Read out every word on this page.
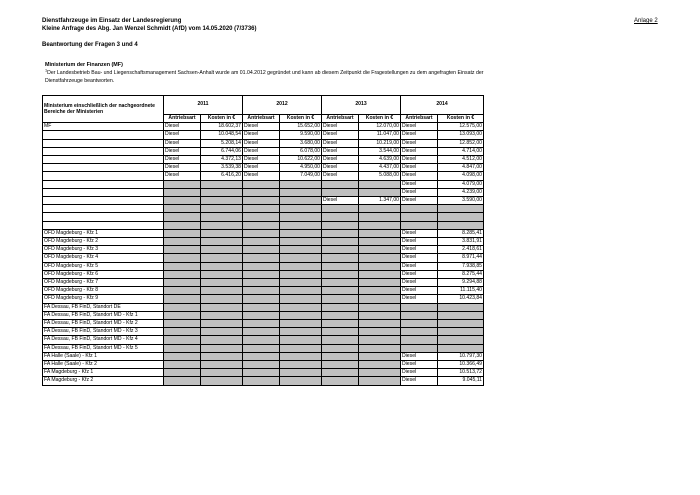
Dienstfahrzeuge im Einsatz der Landesregierung
Kleine Anfrage des Abg. Jan Wenzel Schmidt (AfD) vom 14.05.2020 (7/3736)
Beantwortung der Fragen 3 und 4
Anlage 2
Ministerium der Finanzen (MF)
$^1$Der Landesbetrieb Bau- und Liegenschaftsmanagement Sachsen-Anhalt wurde am 01.04.2012 gegründet und kann ab diesem Zeitpunkt die Fragestellungen zu dem angefragten Einsatz der Dienstfahrzeuge beantworten.
Ministerium einschließlich der nachgeordnete Bereiche der Ministerien	2011		2012		2013		2014	
	Antriebsart	Kosten in €	Antriebsart	Kosten in €	Antriebsart	Kosten in €	Antriebsart	Kosten in €
MF	Diesel	18.602,37	Diesel	15.652,00	Diesel	12.070,00	Diesel	12.575,00
	Diesel	10.048,54	Diesel	9.590,00	Diesel	11.047,00	Diesel	13.093,00
	Diesel	5.208,14	Diesel	3.680,00	Diesel	10.219,00	Diesel	12.852,00
	Diesel	6.744,06	Diesel	6.078,00	Diesel	3.544,00	Diesel	4.714,00
	Diesel	4.372,13	Diesel	10.622,00	Diesel	4.639,00	Diesel	4.512,00
	Diesel	3.539,38	Diesel	4.950,00	Diesel	4.437,00	Diesel	4.847,00
	Diesel	6.416,20	Diesel	7.049,00	Diesel	5.088,00	Diesel	4.098,00
							Diesel	4.079,00
							Diesel	4.239,00
					Diesel	1.347,00	Diesel	3.590,00

OFD Magdeburg - Kfz 1							Diesel	8.285,41
OFD Magdeburg - Kfz 2							Diesel	3.831,91
OFD Magdeburg - Kfz 3							Diesel	2.418,61
OFD Magdeburg - Kfz 4							Diesel	8.971,44
OFD Magdeburg - Kfz 5							Diesel	7.938,85
OFD Magdeburg - Kfz 6							Diesel	8.275,44
OFD Magdeburg - Kfz 7							Diesel	9.294,88
OFD Magdeburg - Kfz 8							Diesel	11.115,40
OFD Magdeburg - Kfz 9							Diesel	10.423,84
FA Dessau, FB FinD, Standort DE								
FA Dessau, FB FinD, Standort MD - Kfz 1								
FA Dessau, FB FinD, Standort MD - Kfz 2								
FA Dessau, FB FinD, Standort MD - Kfz 3								
FA Dessau, FB FinD, Standort MD - Kfz 4								
FA Dessau, FB FinD, Standort MD - Kfz 5								
FA Halle (Saale) - Kfz 1							Diesel	10.797,30
FA Halle (Saale) - Kfz 2							Diesel	10.366,49
FA Magdeburg - Kfz 1							Diesel	10.513,72
FA Magdeburg - Kfz 2							Diesel	9.045,11
